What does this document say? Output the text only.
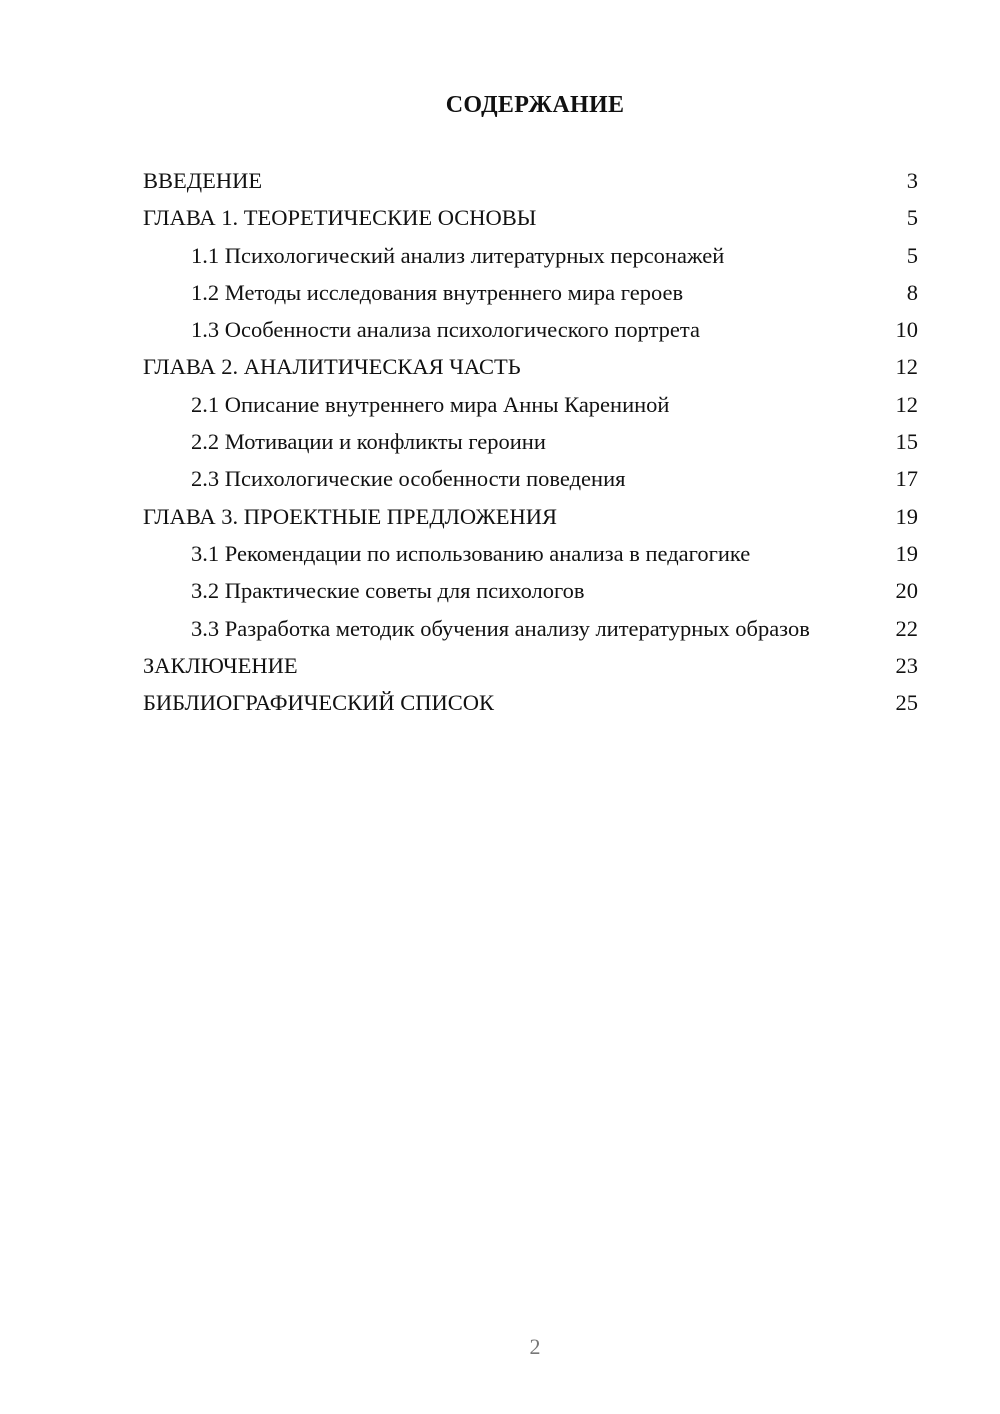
СОДЕРЖАНИЕ
ВВЕДЕНИЕ	3
ГЛАВА 1. ТЕОРЕТИЧЕСКИЕ ОСНОВЫ	5
1.1 Психологический анализ литературных персонажей	5
1.2 Методы исследования внутреннего мира героев	8
1.3 Особенности анализа психологического портрета	10
ГЛАВА 2. АНАЛИТИЧЕСКАЯ ЧАСТЬ	12
2.1 Описание внутреннего мира Анны Карениной	12
2.2 Мотивации и конфликты героини	15
2.3 Психологические особенности поведения	17
ГЛАВА 3. ПРОЕКТНЫЕ ПРЕДЛОЖЕНИЯ	19
3.1 Рекомендации по использованию анализа в педагогике	19
3.2 Практические советы для психологов	20
3.3 Разработка методик обучения анализу литературных образов	22
ЗАКЛЮЧЕНИЕ	23
БИБЛИОГРАФИЧЕСКИЙ СПИСОК	25
2
